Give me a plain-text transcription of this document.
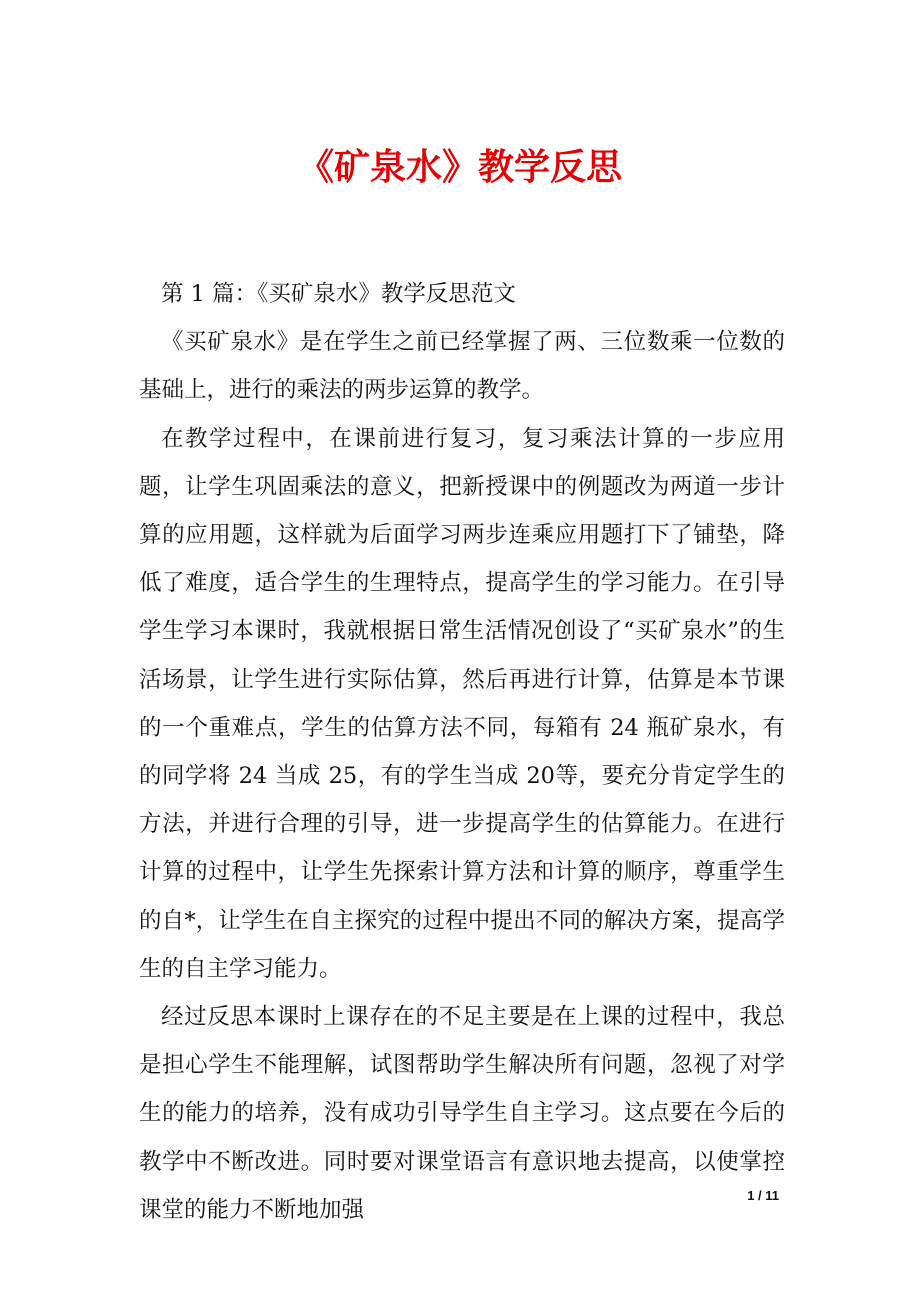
《矿泉水》教学反思

第 1 篇：《买矿泉水》教学反思范文

《买矿泉水》是在学生之前已经掌握了两、三位数乘一位数的基础上，进行的乘法的两步运算的教学。

在教学过程中，在课前进行复习，复习乘法计算的一步应用题，让学生巩固乘法的意义，把新授课中的例题改为两道一步计算的应用题，这样就为后面学习两步连乘应用题打下了铺垫，降低了难度，适合学生的生理特点，提高学生的学习能力。在引导学生学习本课时，我就根据日常生活情况创设了“买矿泉水”的生活场景，让学生进行实际估算，然后再进行计算，估算是本节课的一个重难点，学生的估算方法不同，每箱有 24 瓶矿泉水，有的同学将 24 当成 25，有的学生当成 20等，要充分肯定学生的方法，并进行合理的引导，进一步提高学生的估算能力。在进行计算的过程中，让学生先探索计算方法和计算的顺序，尊重学生的自*，让学生在自主探究的过程中提出不同的解决方案，提高学生的自主学习能力。

经过反思本课时上课存在的不足主要是在上课的过程中，我总是担心学生不能理解，试图帮助学生解决所有问题，忽视了对学生的能力的培养，没有成功引导学生自主学习。这点要在今后的教学中不断改进。同时要对课堂语言有意识地去提高，以使掌控课堂的能力不断地加强

1 / 11
